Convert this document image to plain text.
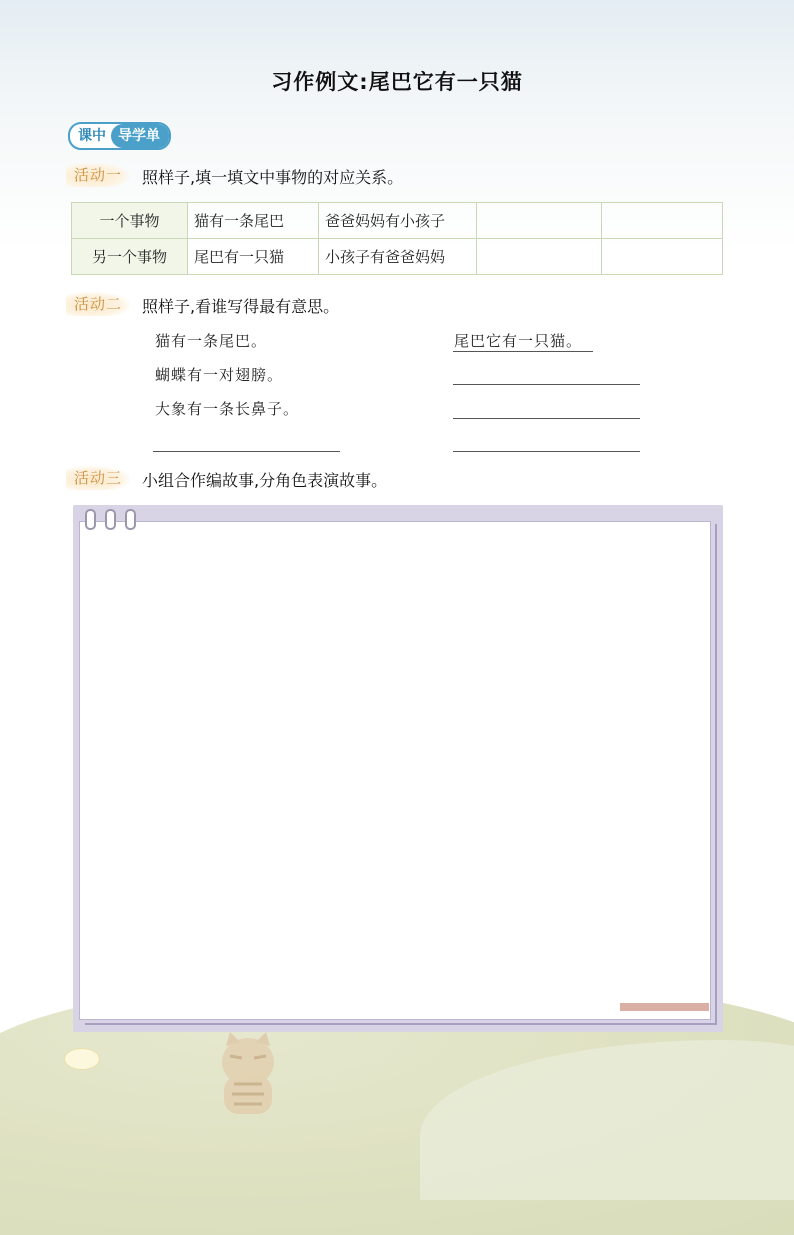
习作例文:尾巴它有一只猫
课中 导学单
活动一	照样子,填一填文中事物的对应关系。
一个事物	猫有一条尾巴	爸爸妈妈有小孩子		
另一个事物	尾巴有一只猫	小孩子有爸爸妈妈		
活动二	照样子,看谁写得最有意思。
猫有一条尾巴。
蝴蝶有一对翅膀。
大象有一条长鼻子。
尾巴它有一只猫。
活动三	小组合作编故事,分角色表演故事。
